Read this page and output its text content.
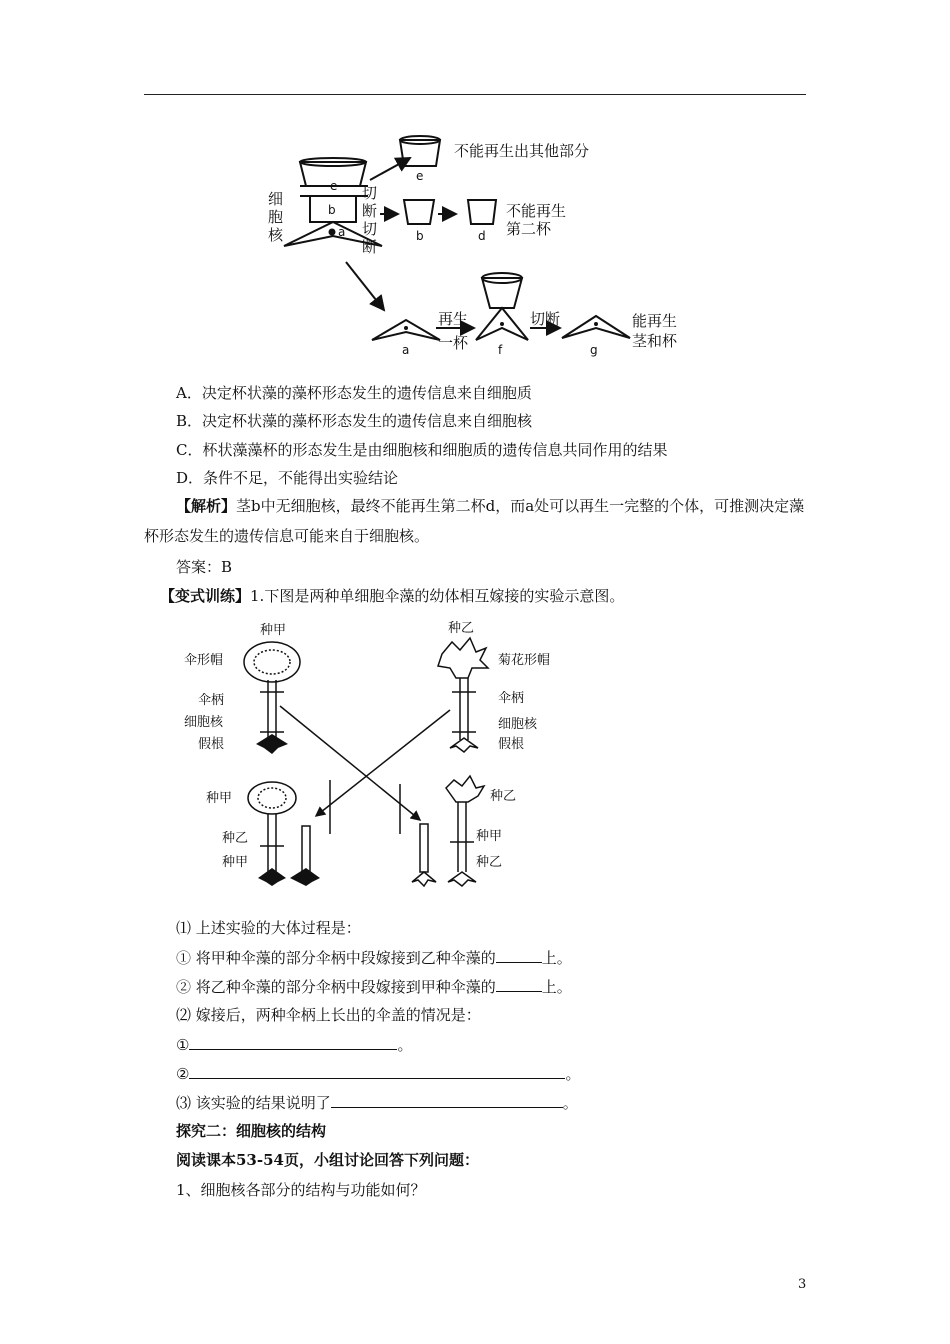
不能再生出其他部分
不能再生
第二杯
细
胞
核
切
断
切
断
再生
一杯
切断	能再生
茎和杯
e
b
a
e
b	d
a	f	g
A．决定杯状藻的藻杯形态发生的遗传信息来自细胞质
B．决定杯状藻的藻杯形态发生的遗传信息来自细胞核
C．杯状藻藻杯的形态发生是由细胞核和细胞质的遗传信息共同作用的结果
D．条件不足，不能得出实验结论
【解析】茎b中无细胞核，最终不能再生第二杯d，而a处可以再生一完整的个体，可推测决定藻杯形态发生的遗传信息可能来自于细胞核。
答案：B
【变式训练】1.下图是两种单细胞伞藻的幼体相互嫁接的实验示意图。
种甲
伞形帽
伞柄
细胞核
假根
种乙
菊花形帽
伞柄
细胞核
假根
种甲
种乙
种甲
种乙
种甲
种乙
⑴ 上述实验的大体过程是：
① 将甲种伞藻的部分伞柄中段嫁接到乙种伞藻的	上。
② 将乙种伞藻的部分伞柄中段嫁接到甲种伞藻的	上。
⑵ 嫁接后，两种伞柄上长出的伞盖的情况是：
①	。
②	。
⑶ 该实验的结果说明了	。
探究二：细胞核的结构
阅读课本53-54页，小组讨论回答下列问题：
1、细胞核各部分的结构与功能如何？
3
